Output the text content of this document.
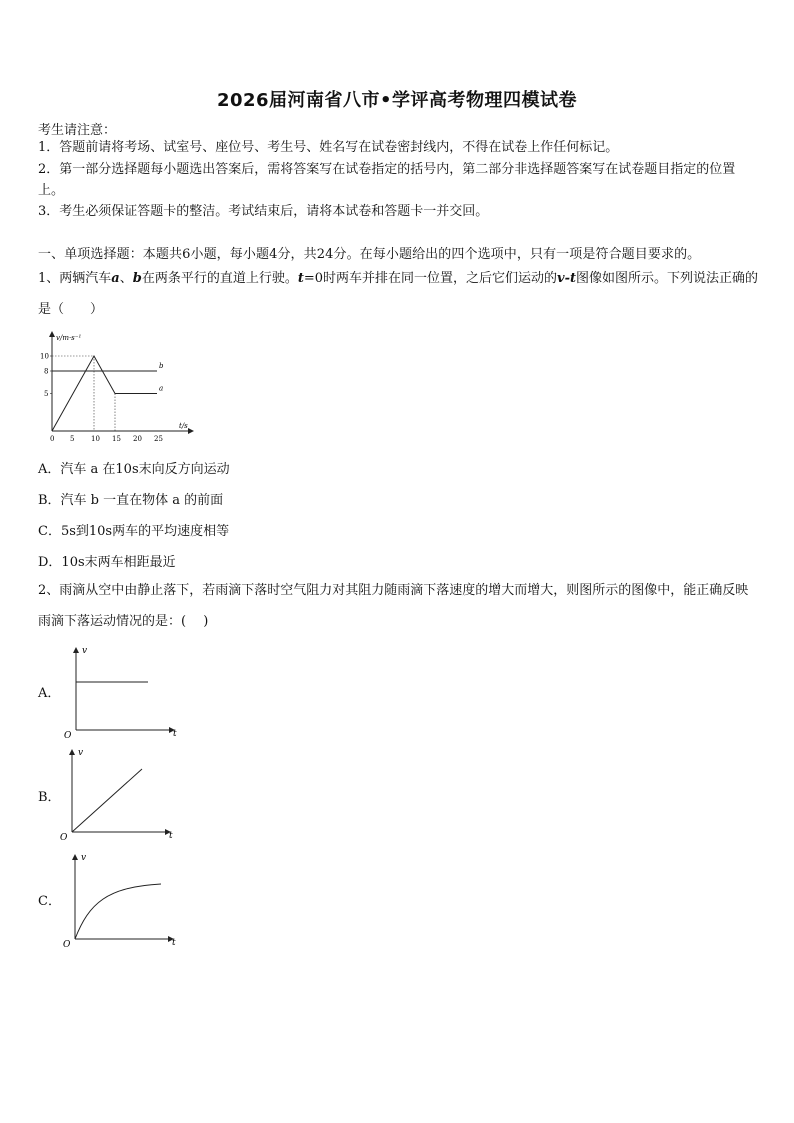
2026届河南省八市•学评高考物理四模试卷
考生请注意：
1．答题前请将考场、试室号、座位号、考生号、姓名写在试卷密封线内，不得在试卷上作任何标记。
2．第一部分选择题每小题选出答案后，需将答案写在试卷指定的括号内，第二部分非选择题答案写在试卷题目指定的位置上。
3．考生必须保证答题卡的整洁。考试结束后，请将本试卷和答题卡一并交回。
一、单项选择题：本题共6小题，每小题4分，共24分。在每小题给出的四个选项中，只有一项是符合题目要求的。
1、两辆汽车a、b在两条平行的直道上行驶。t=0时两车并排在同一位置，之后它们运动的v-t图像如图所示。下列说法正确的是（　　）
a
b
0 5 10 15 20 25
5
8
10
v/m·s⁻¹
t/s
A．汽车 a 在10s末向反方向运动
B．汽车 b 一直在物体 a 的前面
C．5s到10s两车的平均速度相等
D．10s末两车相距最近
2、雨滴从空中由静止落下，若雨滴下落时空气阻力对其阻力随雨滴下落速度的增大而增大，则图所示的图像中，能正确反映雨滴下落运动情况的是：(　 )
A．
v
t
O
B．
v
t
O
C．
v
t
O
